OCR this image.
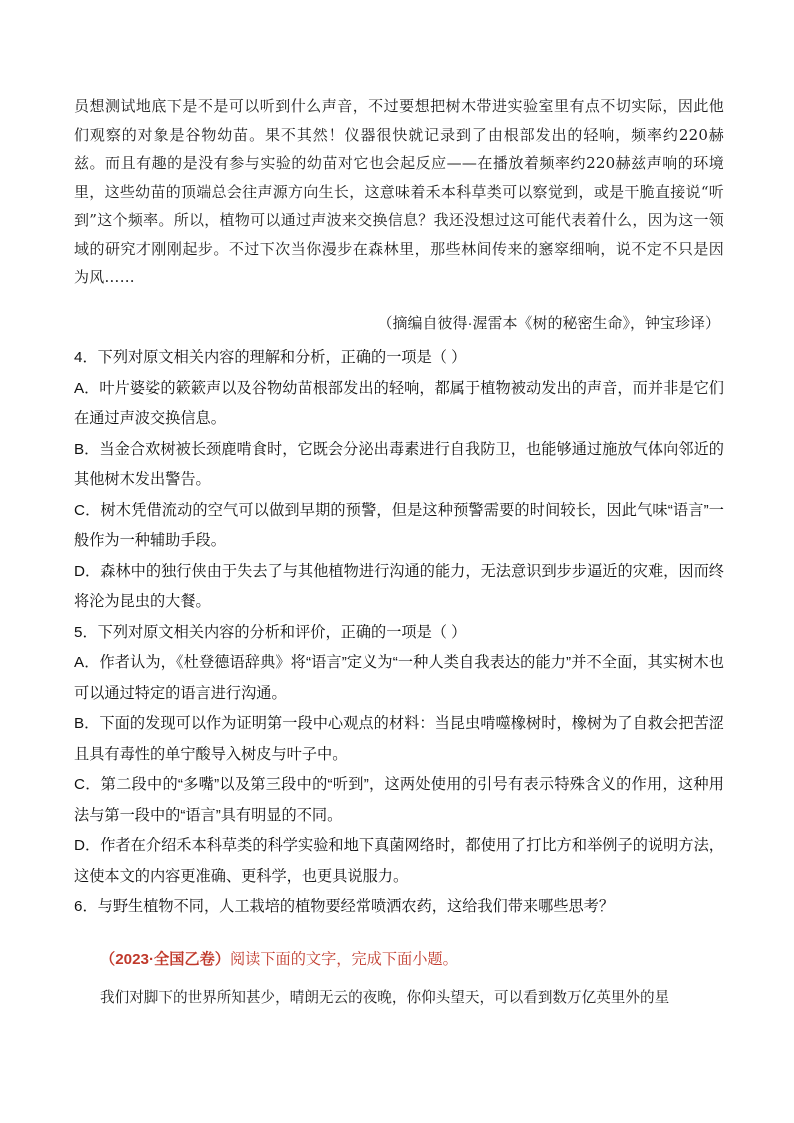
员想测试地底下是不是可以听到什么声音，不过要想把树木带进实验室里有点不切实际，因此他们观察的对象是谷物幼苗。果不其然！仪器很快就记录到了由根部发出的轻响，频率约220赫兹。而且有趣的是没有参与实验的幼苗对它也会起反应——在播放着频率约220赫兹声响的环境里，这些幼苗的顶端总会往声源方向生长，这意味着禾本科草类可以察觉到，或是干脆直接说“听到”这个频率。所以，植物可以通过声波来交换信息？我还没想过这可能代表着什么，因为这一领域的研究才刚刚起步。不过下次当你漫步在森林里，那些林间传来的窸窣细响，说不定不只是因为风……

（摘编自彼得·渥雷本《树的秘密生命》，钟宝珍译）

4．下列对原文相关内容的理解和分析，正确的一项是（ ）

A．叶片婆娑的簌簌声以及谷物幼苗根部发出的轻响，都属于植物被动发出的声音，而并非是它们在通过声波交换信息。

B．当金合欢树被长颈鹿啃食时，它既会分泌出毒素进行自我防卫，也能够通过施放气体向邻近的其他树木发出警告。

C．树木凭借流动的空气可以做到早期的预警，但是这种预警需要的时间较长，因此气味“语言”一般作为一种辅助手段。

D．森林中的独行侠由于失去了与其他植物进行沟通的能力，无法意识到步步逼近的灾难，因而终将沦为昆虫的大餐。

5．下列对原文相关内容的分析和评价，正确的一项是（ ）

A．作者认为，《杜登德语辞典》将“语言”定义为“一种人类自我表达的能力”并不全面，其实树木也可以通过特定的语言进行沟通。

B．下面的发现可以作为证明第一段中心观点的材料：当昆虫啃噬橡树时，橡树为了自救会把苦涩且具有毒性的单宁酸导入树皮与叶子中。

C．第二段中的“多嘴”以及第三段中的“听到”，这两处使用的引号有表示特殊含义的作用，这种用法与第一段中的“语言”具有明显的不同。

D．作者在介绍禾本科草类的科学实验和地下真菌网络时，都使用了打比方和举例子的说明方法，这使本文的内容更准确、更科学，也更具说服力。

6．与野生植物不同，人工栽培的植物要经常喷洒农药，这给我们带来哪些思考？

（2023·全国乙卷）阅读下面的文字，完成下面小题。
我们对脚下的世界所知甚少，晴朗无云的夜晚，你仰头望天，可以看到数万亿英里外的星
